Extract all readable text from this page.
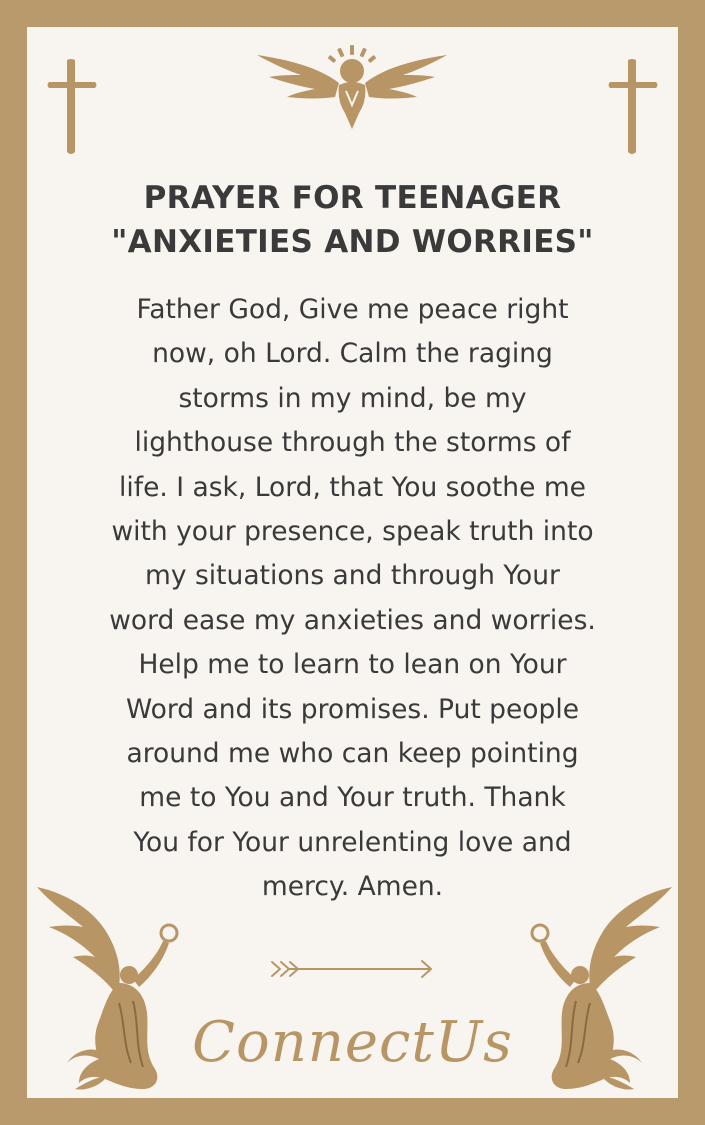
PRAYER FOR TEENAGER
"ANXIETIES AND WORRIES"

Father God, Give me peace right
now, oh Lord. Calm the raging
storms in my mind, be my
lighthouse through the storms of
life. I ask, Lord, that You soothe me
with your presence, speak truth into
my situations and through Your
word ease my anxieties and worries.
Help me to learn to lean on Your
Word and its promises. Put people
around me who can keep pointing
me to You and Your truth. Thank
You for Your unrelenting love and
mercy. Amen.

ConnectUs
